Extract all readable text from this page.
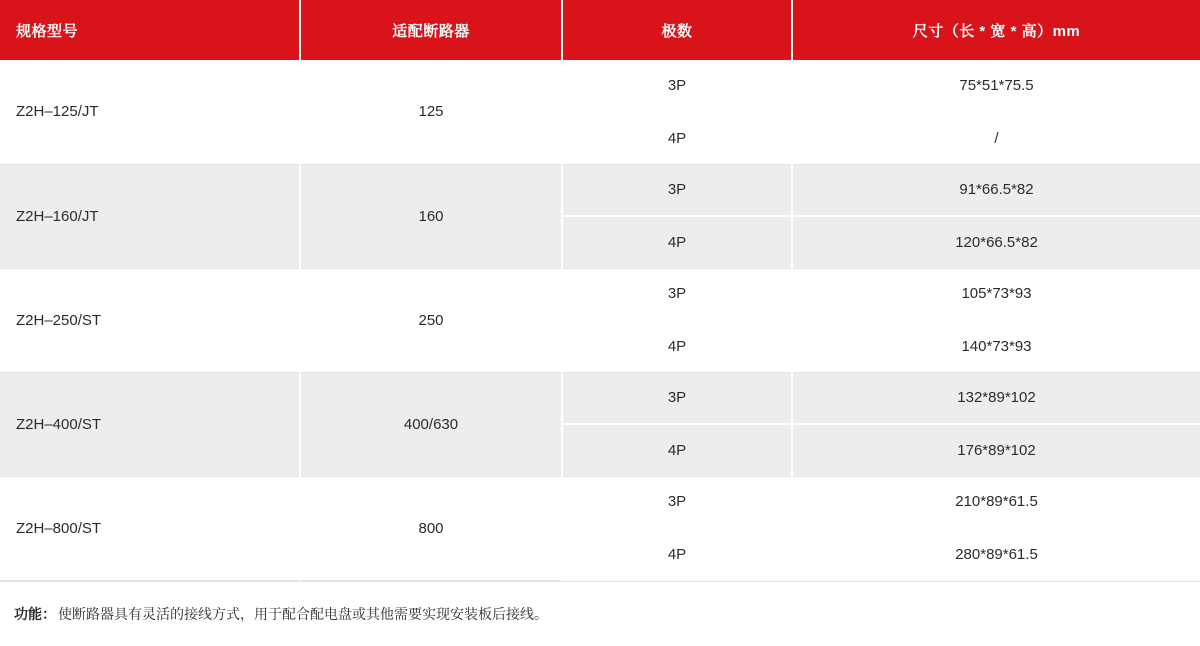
规格型号	适配断路器	极数	尺寸（长 * 宽 * 高）mm
Z2H–125/JT	125	3P	75*51*75.5
		4P	/
Z2H–160/JT	160	3P	91*66.5*82
		4P	120*66.5*82
Z2H–250/ST	250	3P	105*73*93
		4P	140*73*93
Z2H–400/ST	400/630	3P	132*89*102
		4P	176*89*102
Z2H–800/ST	800	3P	210*89*61.5
		4P	280*89*61.5
功能： 使断路器具有灵活的接线方式，用于配合配电盘或其他需要实现安装板后接线。
